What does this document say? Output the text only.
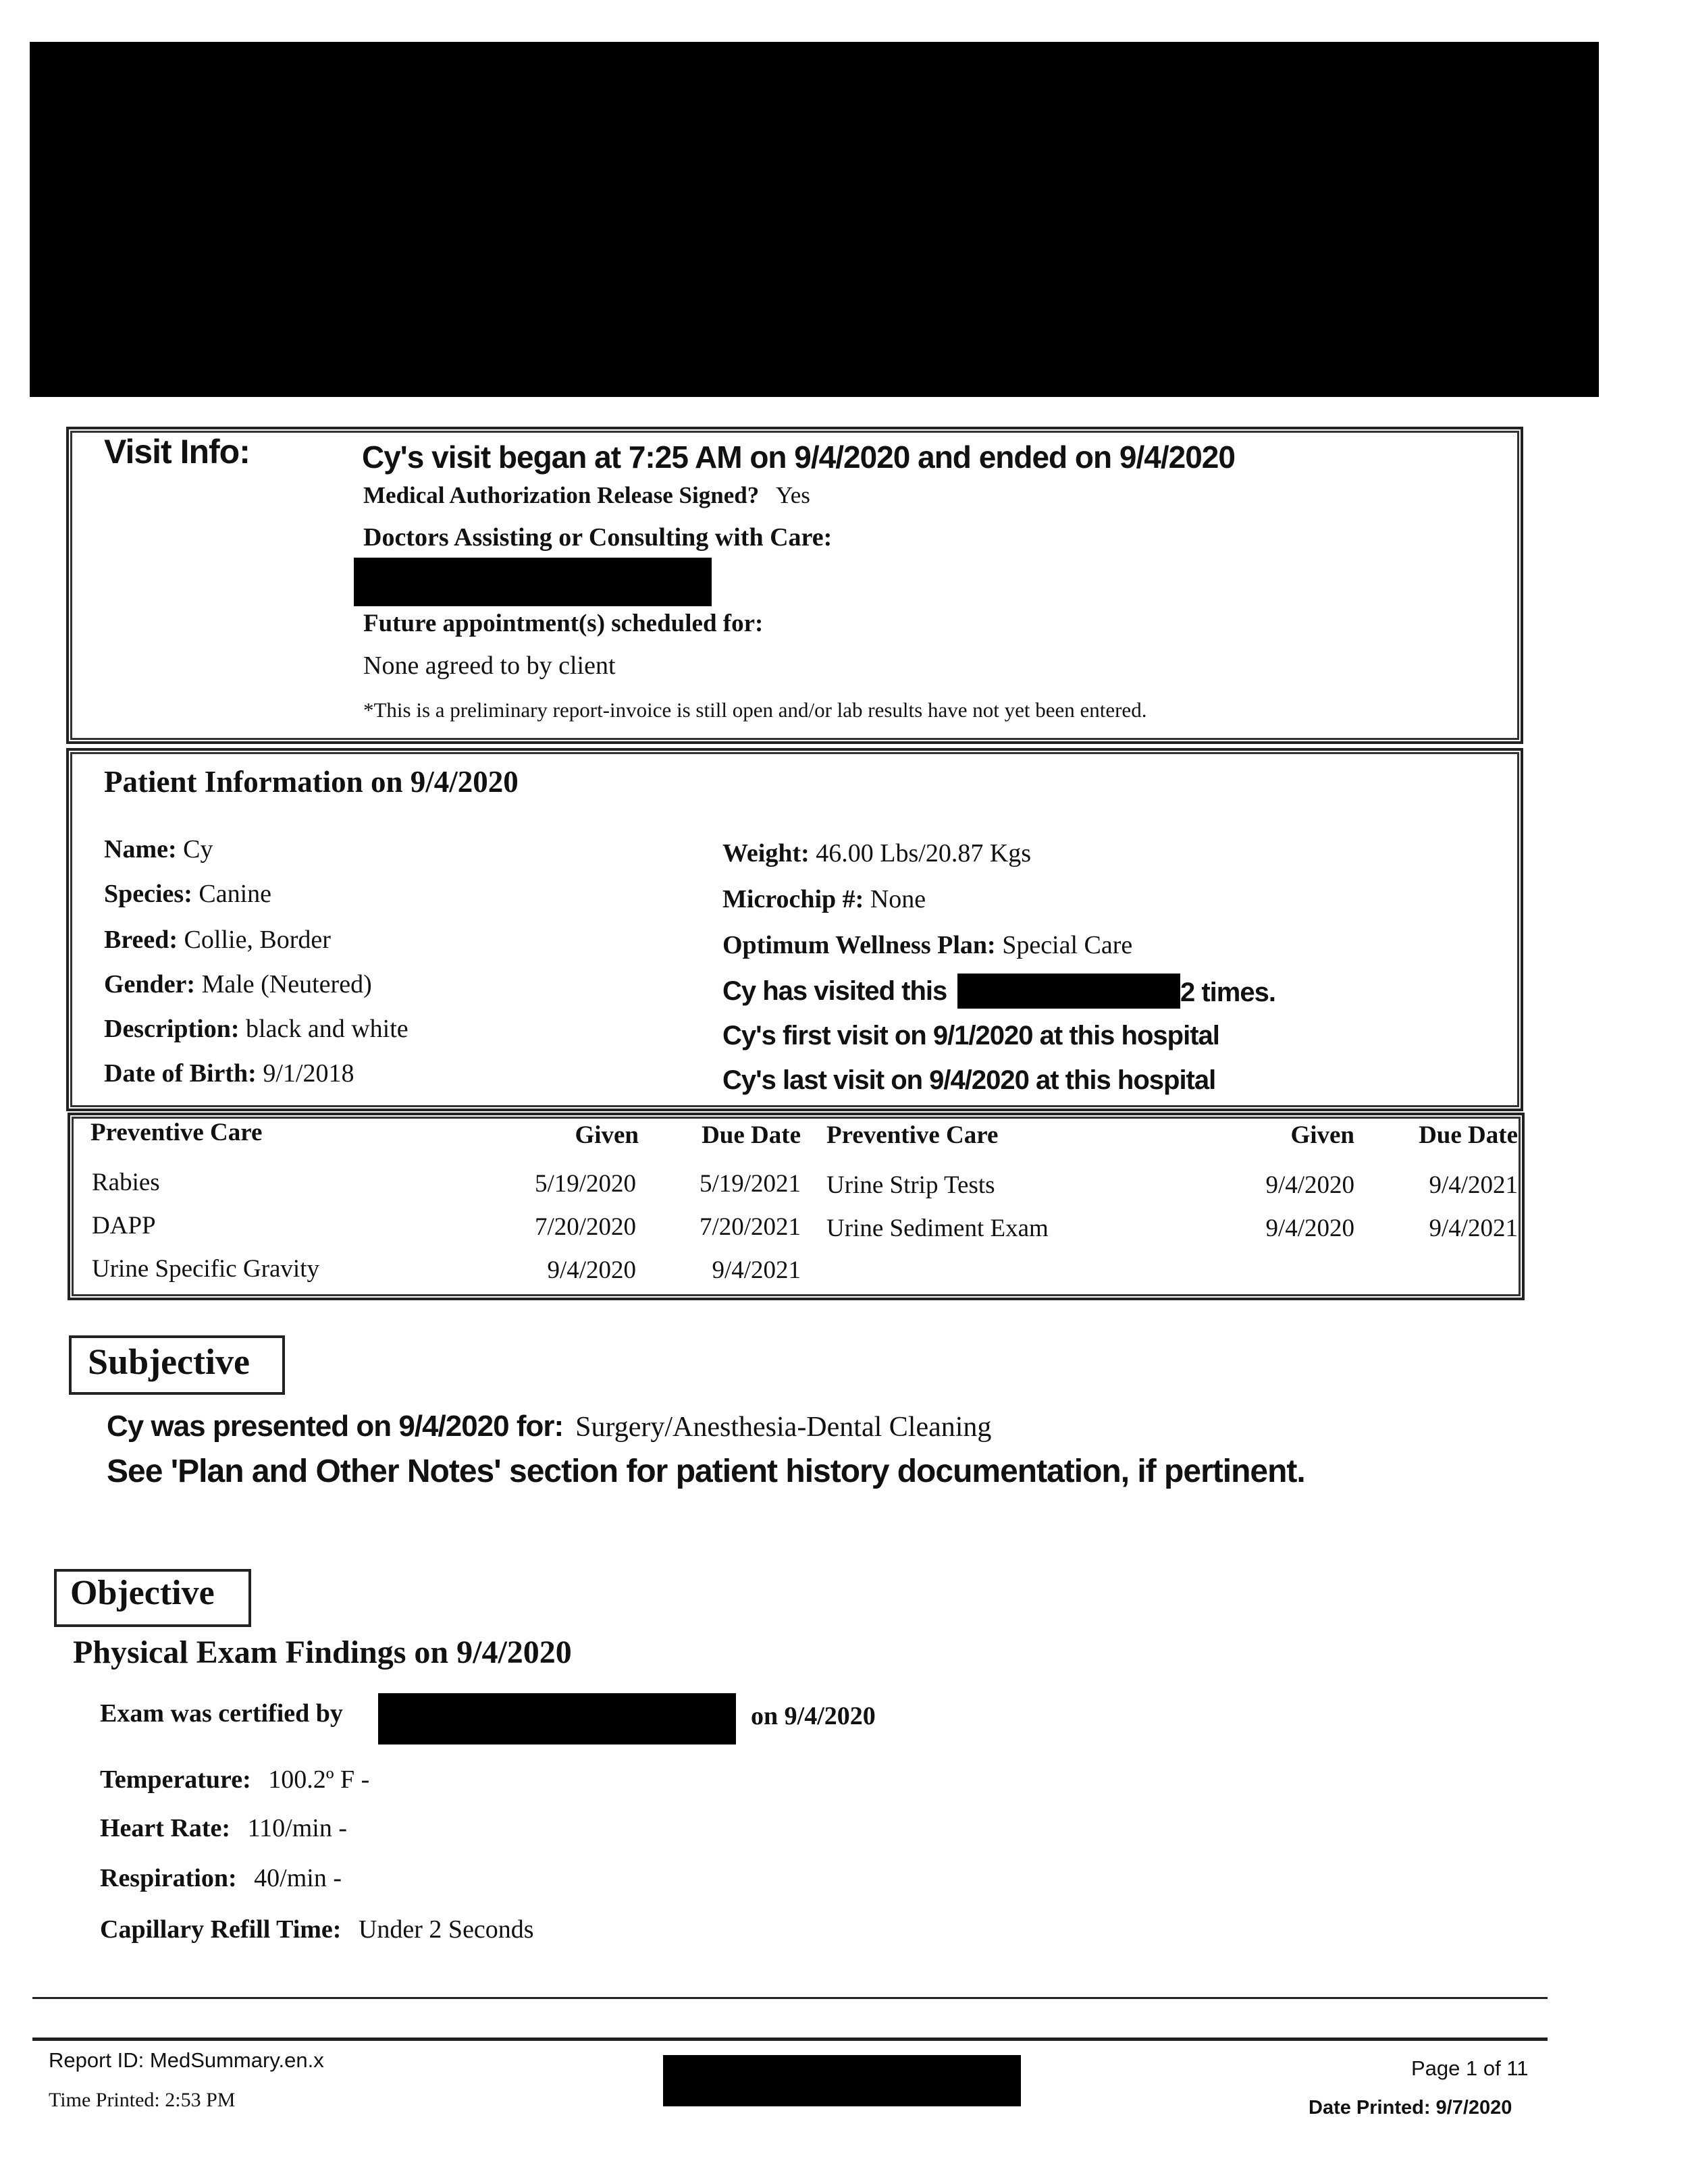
Visit Info:	Cy's visit began at 7:25 AM on 9/4/2020 and ended on 9/4/2020
Medical Authorization Release Signed? Yes
Doctors Assisting or Consulting with Care:
Future appointment(s) scheduled for:
None agreed to by client
*This is a preliminary report-invoice is still open and/or lab results have not yet been entered.
Patient Information on 9/4/2020
Name: Cy
Species: Canine
Breed: Collie, Border
Gender: Male (Neutered)
Description: black and white
Date of Birth: 9/1/2018
Weight: 46.00 Lbs/20.87 Kgs
Microchip #: None
Optimum Wellness Plan: Special Care
Cy has visited this	2 times.
Cy's first visit on 9/1/2020 at this hospital
Cy's last visit on 9/4/2020 at this hospital
Preventive Care	Given	Due Date Preventive Care	Given	Due Date
Rabies	5/19/2020	5/19/2021
DAPP	7/20/2020	7/20/2021
Urine Specific Gravity	9/4/2020	9/4/2021
Urine Strip Tests	9/4/2020	9/4/2021
Urine Sediment Exam	9/4/2020	9/4/2021
Subjective
Cy was presented on 9/4/2020 for: Surgery/Anesthesia-Dental Cleaning
See 'Plan and Other Notes' section for patient history documentation, if pertinent.
Objective
Physical Exam Findings on 9/4/2020
Exam was certified by	on 9/4/2020
Temperature: 100.2º F -
Heart Rate: 110/min -
Respiration: 40/min -
Capillary Refill Time: Under 2 Seconds
Report ID: MedSummary.en.x
Time Printed: 2:53 PM
Page 1 of 11
Date Printed: 9/7/2020
